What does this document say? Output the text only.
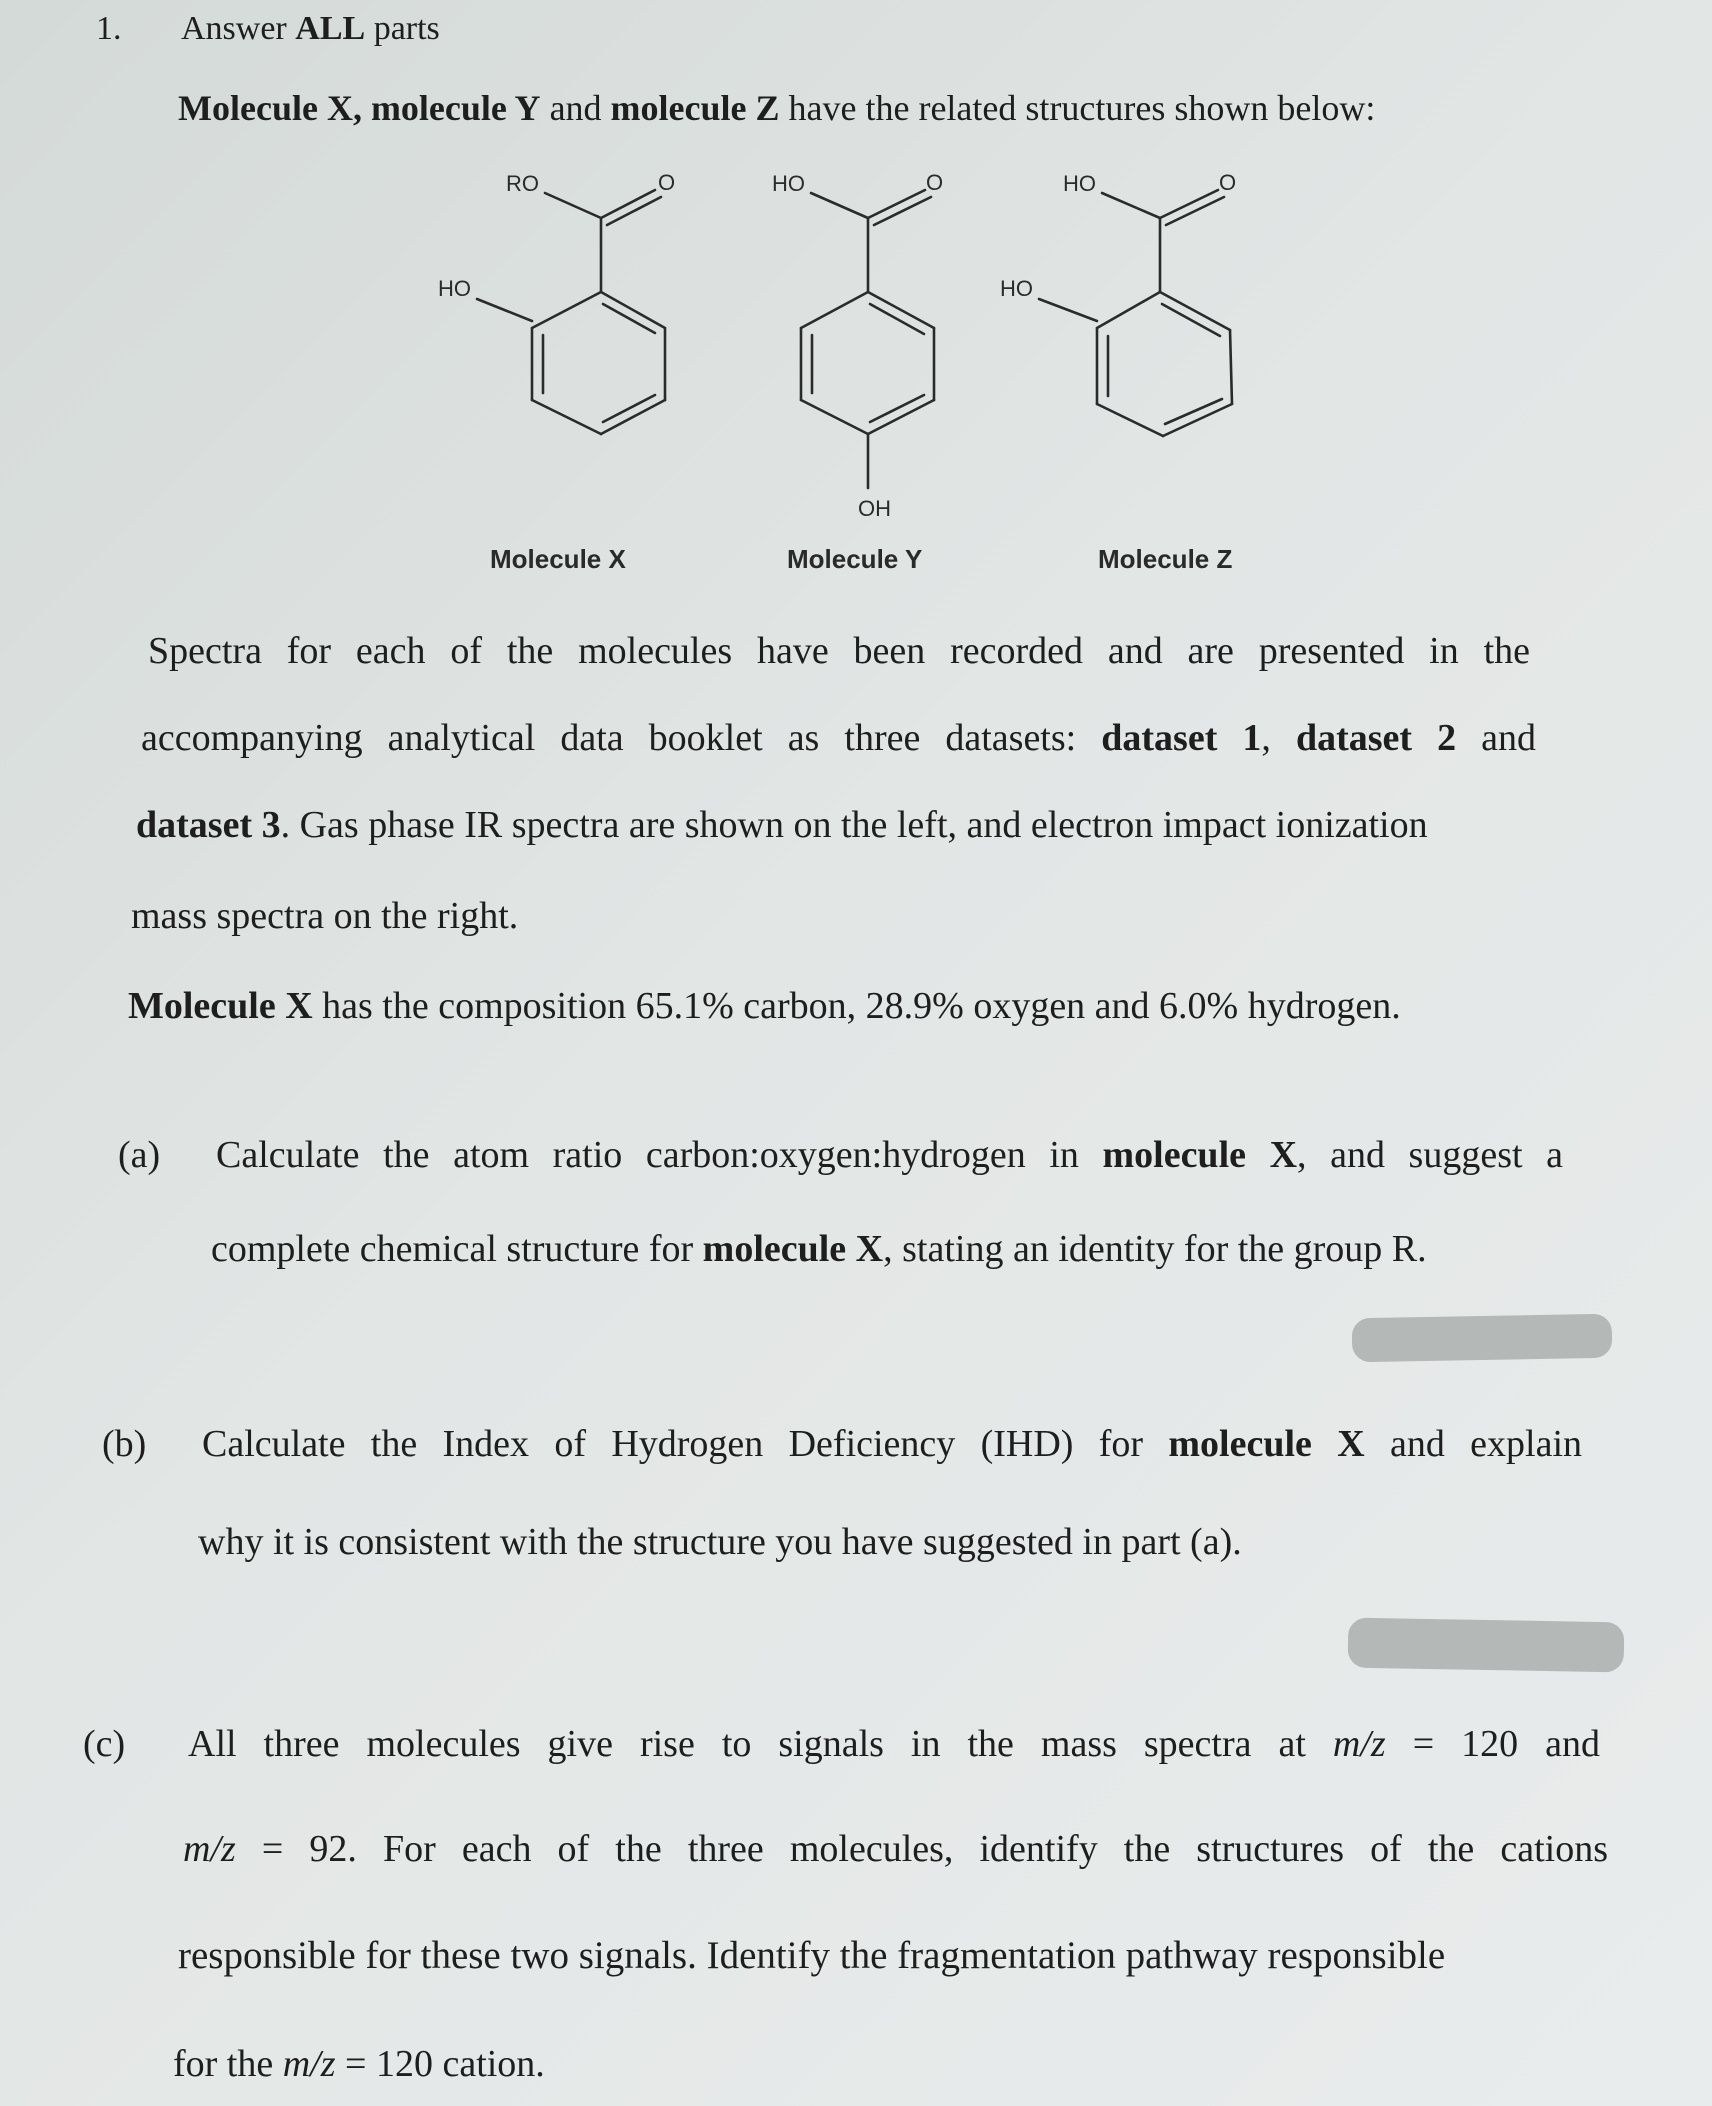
1. Answer ALL parts
Molecule X, molecule Y and molecule Z have the related structures shown below:
RO	O
HO
HO	O
OH
HO	O
HO
Molecule X	Molecule Y	Molecule Z
Spectra for each of the molecules have been recorded and are presented in the
accompanying analytical data booklet as three datasets: dataset 1, dataset 2 and
dataset 3. Gas phase IR spectra are shown on the left, and electron impact ionization
mass spectra on the right.
Molecule X has the composition 65.1% carbon, 28.9% oxygen and 6.0% hydrogen.
(a) Calculate the atom ratio carbon:oxygen:hydrogen in molecule X, and suggest a
complete chemical structure for molecule X, stating an identity for the group R.
(b) Calculate the Index of Hydrogen Deficiency (IHD) for molecule X and explain
why it is consistent with the structure you have suggested in part (a).
(c) All three molecules give rise to signals in the mass spectra at m/z = 120 and
m/z = 92. For each of the three molecules, identify the structures of the cations
responsible for these two signals. Identify the fragmentation pathway responsible
for the m/z = 120 cation.
